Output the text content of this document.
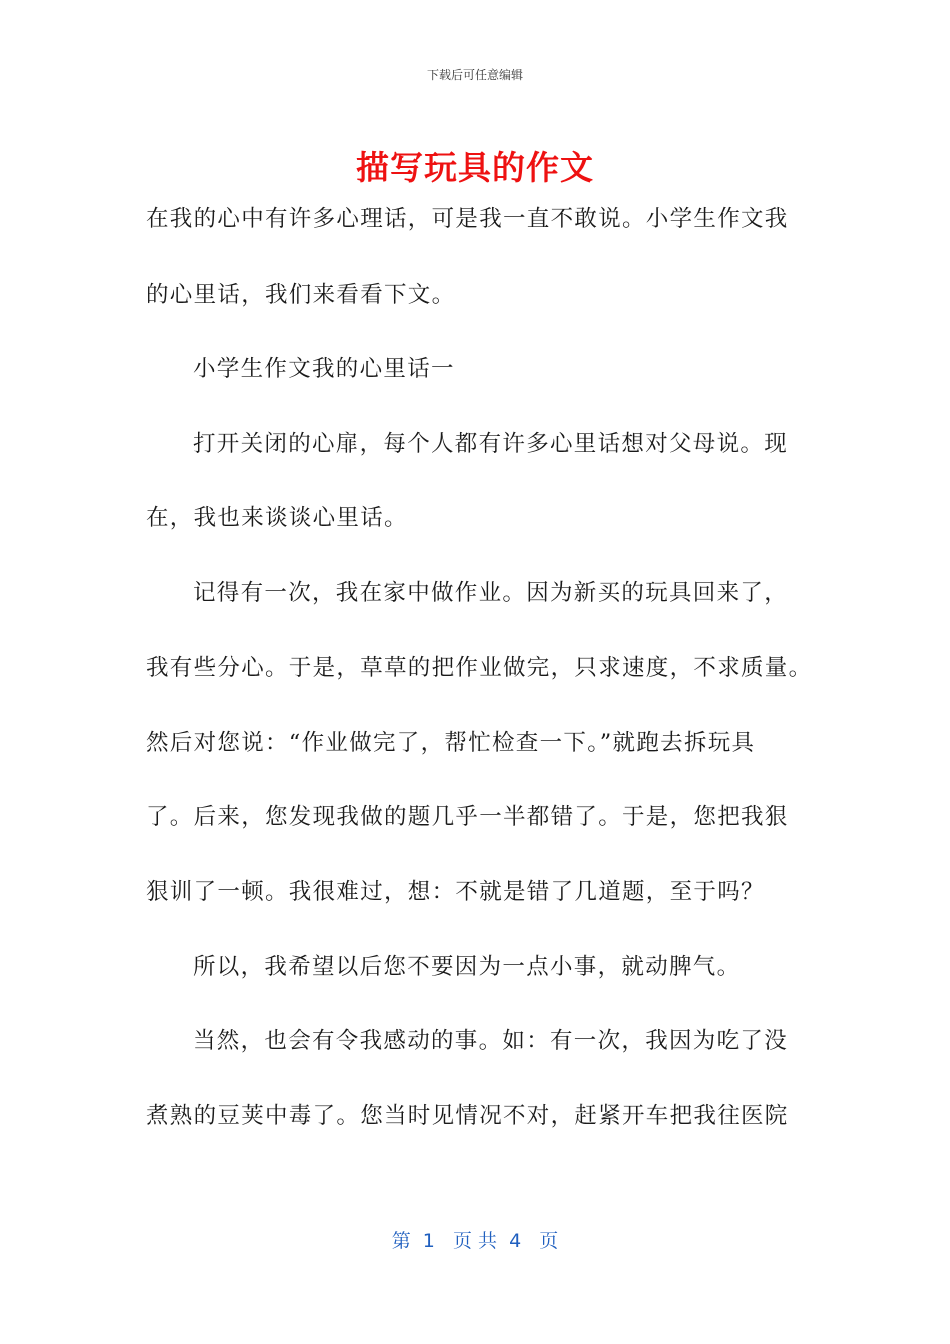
下载后可任意编辑
描写玩具的作文
在我的心中有许多心理话，可是我一直不敢说。小学生作文我
的心里话，我们来看看下文。
小学生作文我的心里话一
打开关闭的心扉，每个人都有许多心里话想对父母说。现
在，我也来谈谈心里话。
记得有一次，我在家中做作业。因为新买的玩具回来了，
我有些分心。于是，草草的把作业做完，只求速度，不求质量。
然后对您说：“作业做完了，帮忙检查一下。”就跑去拆玩具
了。后来，您发现我做的题几乎一半都错了。于是，您把我狠
狠训了一顿。我很难过，想：不就是错了几道题，至于吗？
所以，我希望以后您不要因为一点小事，就动脾气。
当然，也会有令我感动的事。如：有一次，我因为吃了没
煮熟的豆荚中毒了。您当时见情况不对，赶紧开车把我往医院
第  1   页 共  4   页
